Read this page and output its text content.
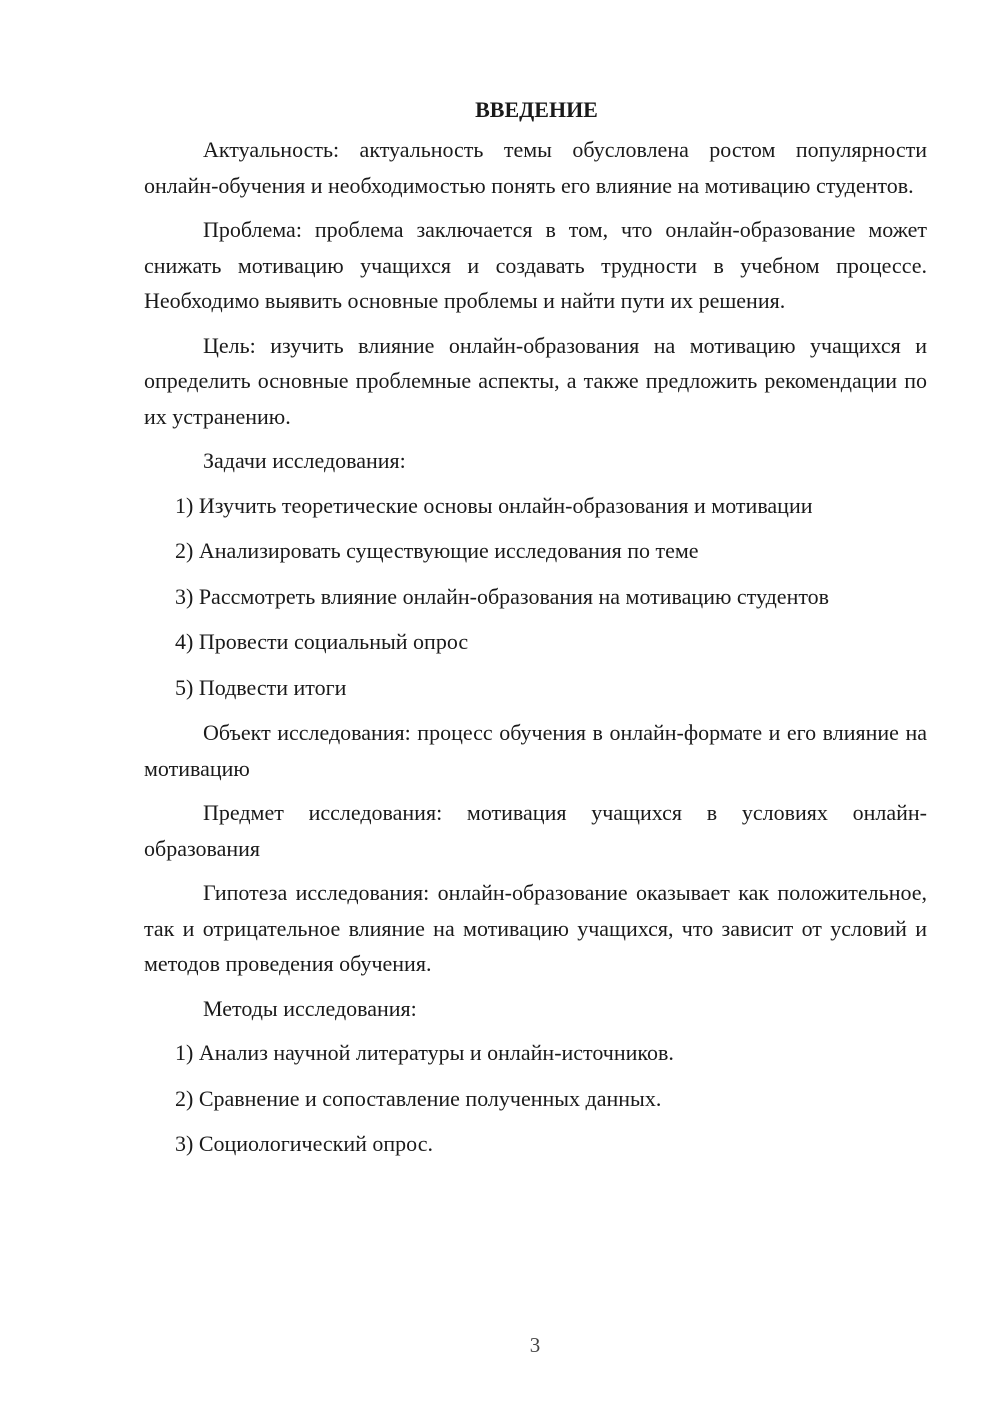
ВВЕДЕНИЕ

Актуальность: актуальность темы обусловлена ростом популярности онлайн-обучения и необходимостью понять его влияние на мотивацию студентов.

Проблема: проблема заключается в том, что онлайн-образование может снижать мотивацию учащихся и создавать трудности в учебном процессе. Необходимо выявить основные проблемы и найти пути их решения.

Цель: изучить влияние онлайн-образования на мотивацию учащихся и определить основные проблемные аспекты, а также предложить рекомендации по их устранению.

Задачи исследования:

1) Изучить теоретические основы онлайн-образования и мотивации
2) Анализировать существующие исследования по теме
3) Рассмотреть влияние онлайн-образования на мотивацию студентов
4) Провести социальный опрос
5) Подвести итоги

Объект исследования: процесс обучения в онлайн-формате и его влияние на мотивацию

Предмет исследования: мотивация учащихся в условиях онлайн-образования

Гипотеза исследования: онлайн-образование оказывает как положительное, так и отрицательное влияние на мотивацию учащихся, что зависит от условий и методов проведения обучения.

Методы исследования:

1) Анализ научной литературы и онлайн-источников.
2) Сравнение и сопоставление полученных данных.
3) Социологический опрос.
3
